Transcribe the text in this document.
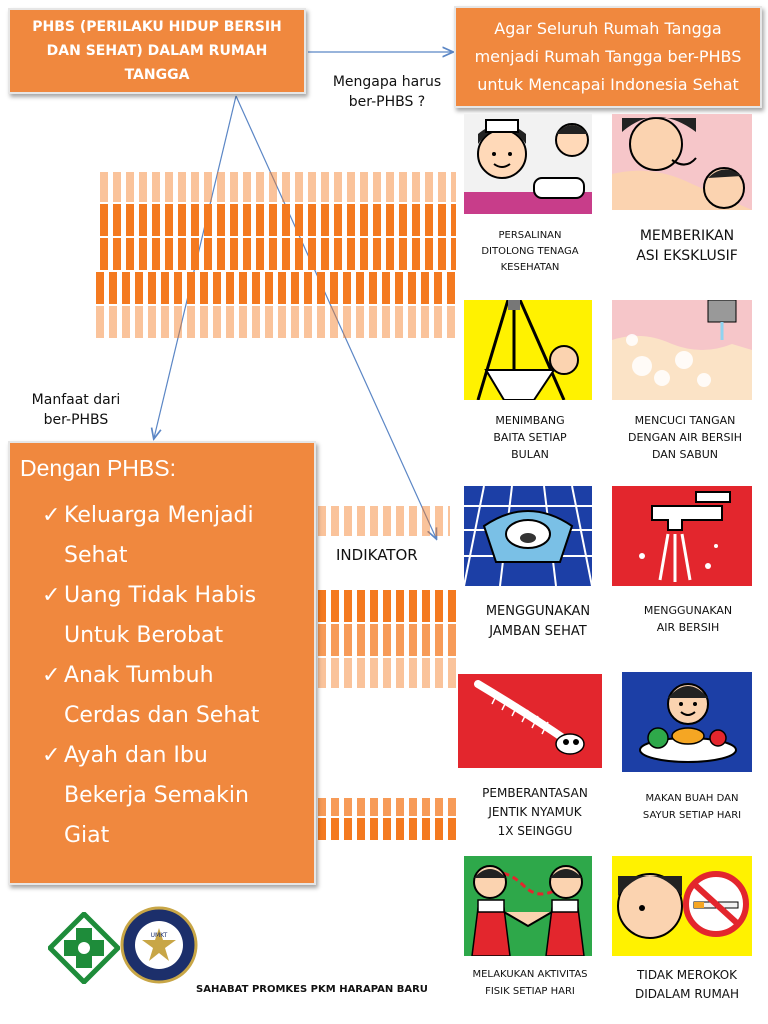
PHBS (PERILAKU HIDUP BERSIH DAN SEHAT) DALAM RUMAH TANGGA
Agar Seluruh Rumah Tangga menjadi Rumah Tangga ber-PHBS untuk Mencapai Indonesia Sehat
Mengapa harus
ber-PHBS ?
Manfaat dari
ber-PHBS
Dengan PHBS:
✓ Keluarga Menjadi
Sehat
✓ Uang Tidak Habis
Untuk Berobat
✓ Anak Tumbuh
Cerdas dan Sehat
✓ Ayah dan Ibu
Bekerja Semakin
Giat
INDIKATOR
PERSALINAN
DITOLONG TENAGA
KESEHATAN
MEMBERIKAN
ASI EKSKLUSIF
MENIMBANG
BAITA SETIAP
BULAN
MENCUCI TANGAN
DENGAN AIR BERSIH
DAN SABUN
MENGGUNAKAN
JAMBAN SEHAT
MENGGUNAKAN
AIR BERSIH
PEMBERANTASAN
JENTIK NYAMUK
1X SEINGGU
MAKAN BUAH DAN
SAYUR SETIAP HARI
MELAKUKAN AKTIVITAS
FISIK SETIAP HARI
TIDAK MEROKOK
DIDALAM RUMAH
UMKT
SAHABAT PROMKES PKM HARAPAN BARU
